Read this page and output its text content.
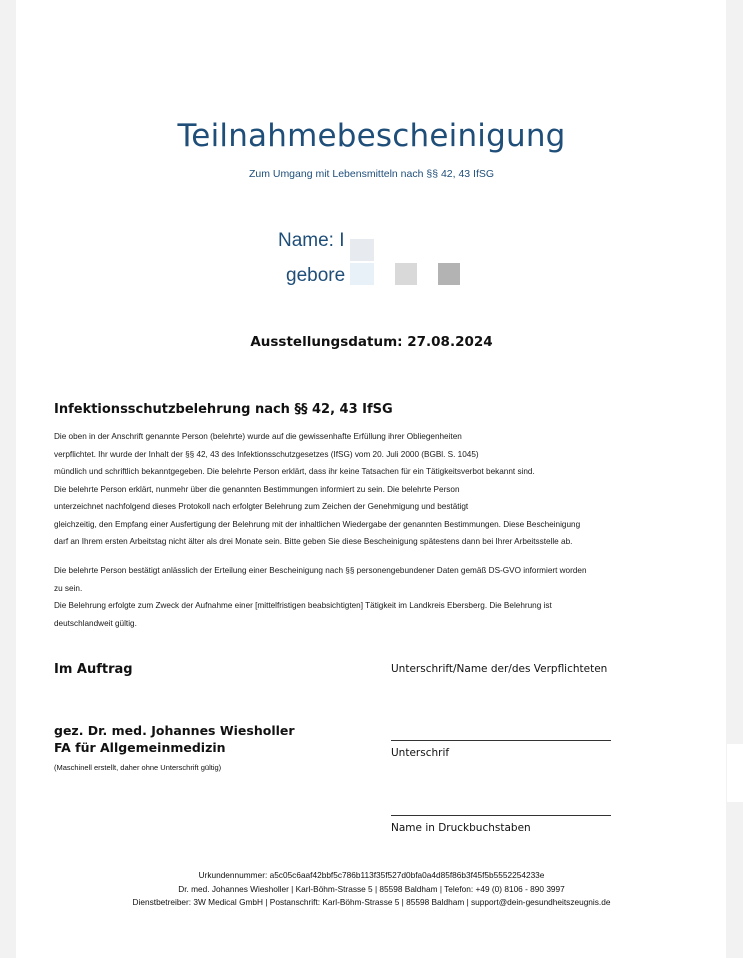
Teilnahmebescheinigung
Zum Umgang mit Lebensmitteln nach §§ 42, 43 IfSG
Name: I
gebore
Ausstellungsdatum: 27.08.2024
Infektionsschutzbelehrung nach §§ 42, 43 IfSG
Die oben in der Anschrift genannte Person (belehrte) wurde auf die gewissenhafte Erfüllung ihrer Obliegenheiten
verpflichtet. Ihr wurde der Inhalt der §§ 42, 43 des Infektionsschutzgesetzes (IfSG) vom 20. Juli 2000 (BGBl. S. 1045)
mündlich und schriftlich bekanntgegeben. Die belehrte Person erklärt, dass ihr keine Tatsachen für ein Tätigkeitsverbot bekannt sind.
Die belehrte Person erklärt, nunmehr über die genannten Bestimmungen informiert zu sein. Die belehrte Person
unterzeichnet nachfolgend dieses Protokoll nach erfolgter Belehrung zum Zeichen der Genehmigung und bestätigt
gleichzeitig, den Empfang einer Ausfertigung der Belehrung mit der inhaltlichen Wiedergabe der genannten Bestimmungen. Diese Bescheinigung
darf an Ihrem ersten Arbeitstag nicht älter als drei Monate sein. Bitte geben Sie diese Bescheinigung spätestens dann bei Ihrer Arbeitsstelle ab.
Die belehrte Person bestätigt anlässlich der Erteilung einer Bescheinigung nach §§ personengebundener Daten gemäß DS-GVO informiert worden
zu sein.
Die Belehrung erfolgte zum Zweck der Aufnahme einer [mittelfristigen beabsichtigten] Tätigkeit im Landkreis Ebersberg. Die Belehrung ist
deutschlandweit gültig.
Im Auftrag	Unterschrift/Name der/des Verpflichteten
gez. Dr. med. Johannes Wiesholler
FA für Allgemeinmedizin
(Maschinell erstellt, daher ohne Unterschrift gültig)
Unterschrif
Name in Druckbuchstaben
Urkundennummer: a5c05c6aaf42bbf5c786b113f35f527d0bfa0a4d85f86b3f45f5b5552254233e
Dr. med. Johannes Wiesholler | Karl-Böhm-Strasse 5 | 85598 Baldham | Telefon: +49 (0) 8106 - 890 3997
Dienstbetreiber: 3W Medical GmbH | Postanschrift: Karl-Böhm-Strasse 5 | 85598 Baldham | support@dein-gesundheitszeugnis.de
